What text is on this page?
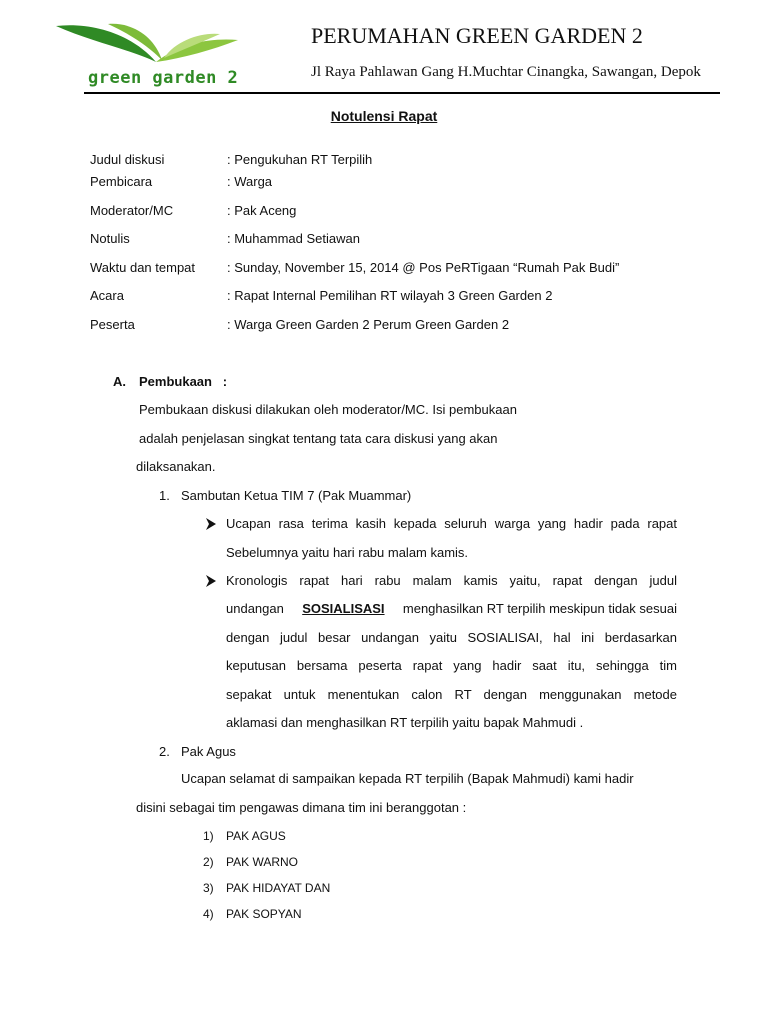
green garden 2
PERUMAHAN GREEN GARDEN 2
Jl Raya Pahlawan Gang H.Muchtar Cinangka, Sawangan, Depok
Notulensi Rapat
Judul diskusi	: Pengukuhan RT Terpilih
Pembicara	: Warga
Moderator/MC	: Pak Aceng
Notulis	: Muhammad Setiawan
Waktu dan tempat : Sunday, November 15, 2014 @ Pos PeRTigaan “Rumah Pak Budi”
Acara	: Rapat Internal Pemilihan RT wilayah 3 Green Garden 2
Peserta	: Warga Green Garden 2 Perum Green Garden 2
A. Pembukaan   :
Pembukaan diskusi dilakukan oleh moderator/MC. Isi pembukaan
adalah penjelasan singkat tentang tata cara diskusi yang akan
dilaksanakan.
1. Sambutan Ketua TIM 7 (Pak Muammar)
Ucapan rasa terima kasih kepada seluruh warga yang hadir pada rapat
Sebelumnya yaitu hari rabu malam kamis.
Kronologis rapat hari rabu malam kamis yaitu, rapat dengan judul
undangan SOSIALISASI menghasilkan RT terpilih meskipun tidak sesuai
dengan judul besar undangan yaitu SOSIALISAI, hal ini berdasarkan
keputusan bersama peserta rapat yang hadir saat itu, sehingga tim
sepakat untuk menentukan calon RT dengan menggunakan metode
aklamasi dan menghasilkan RT terpilih yaitu bapak Mahmudi .
2. Pak Agus
Ucapan selamat di sampaikan kepada RT terpilih (Bapak Mahmudi) kami hadir
disini sebagai tim pengawas dimana tim ini beranggotan :
1) PAK AGUS
2) PAK WARNO
3) PAK HIDAYAT DAN
4) PAK SOPYAN
